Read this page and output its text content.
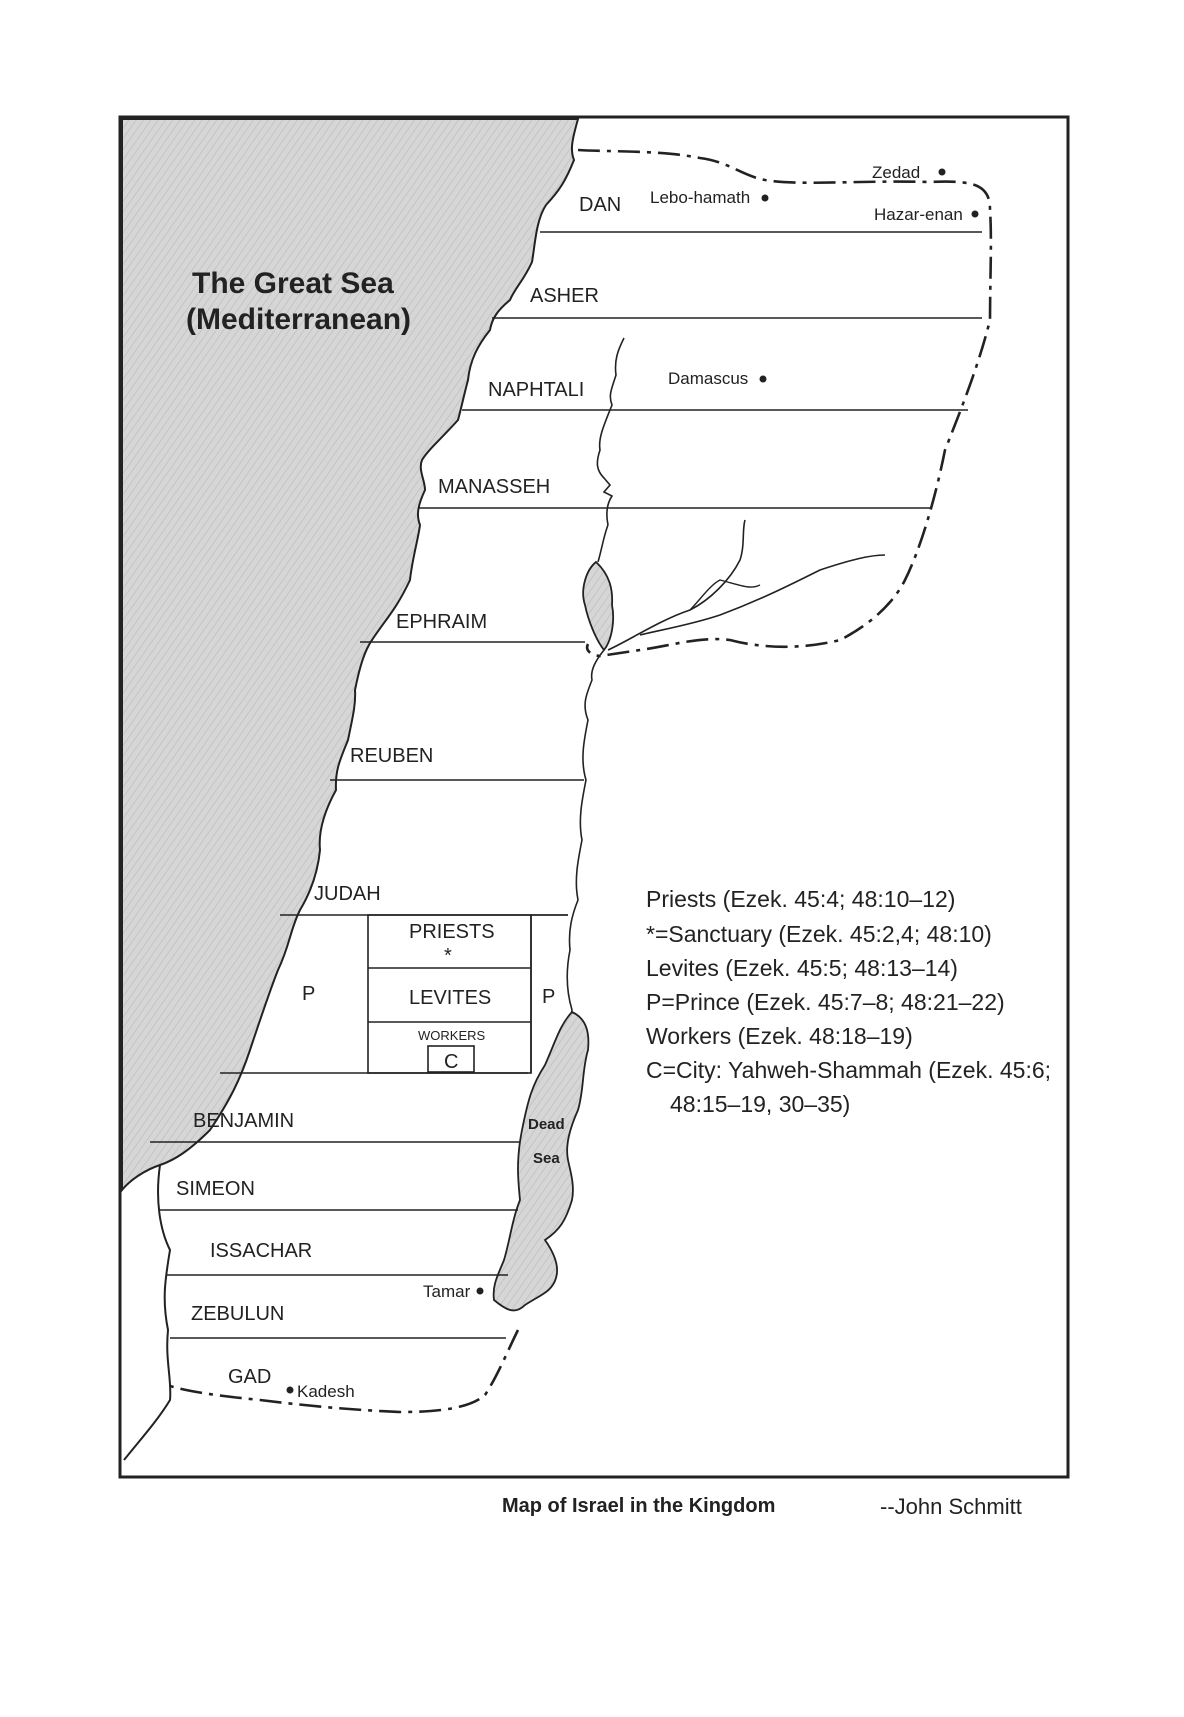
The Great Sea
(Mediterranean)
DAN
ASHER
NAPHTALI
MANASSEH
EPHRAIM
REUBEN
JUDAH
BENJAMIN
SIMEON
ISSACHAR
ZEBULUN
GAD
PRIESTS
*
LEVITES
WORKERS
C
P	P
Zedad
Lebo-hamath
Hazar-enan
Damascus
Tamar
Kadesh
Dead
Sea
Priests (Ezek. 45:4; 48:10–12)
*=Sanctuary (Ezek. 45:2,4; 48:10)
Levites (Ezek. 45:5; 48:13–14)
P=Prince (Ezek. 45:7–8; 48:21–22)
Workers (Ezek. 48:18–19)
C=City: Yahweh-Shammah (Ezek. 45:6;
48:15–19, 30–35)
Map of Israel in the Kingdom	--John Schmitt
